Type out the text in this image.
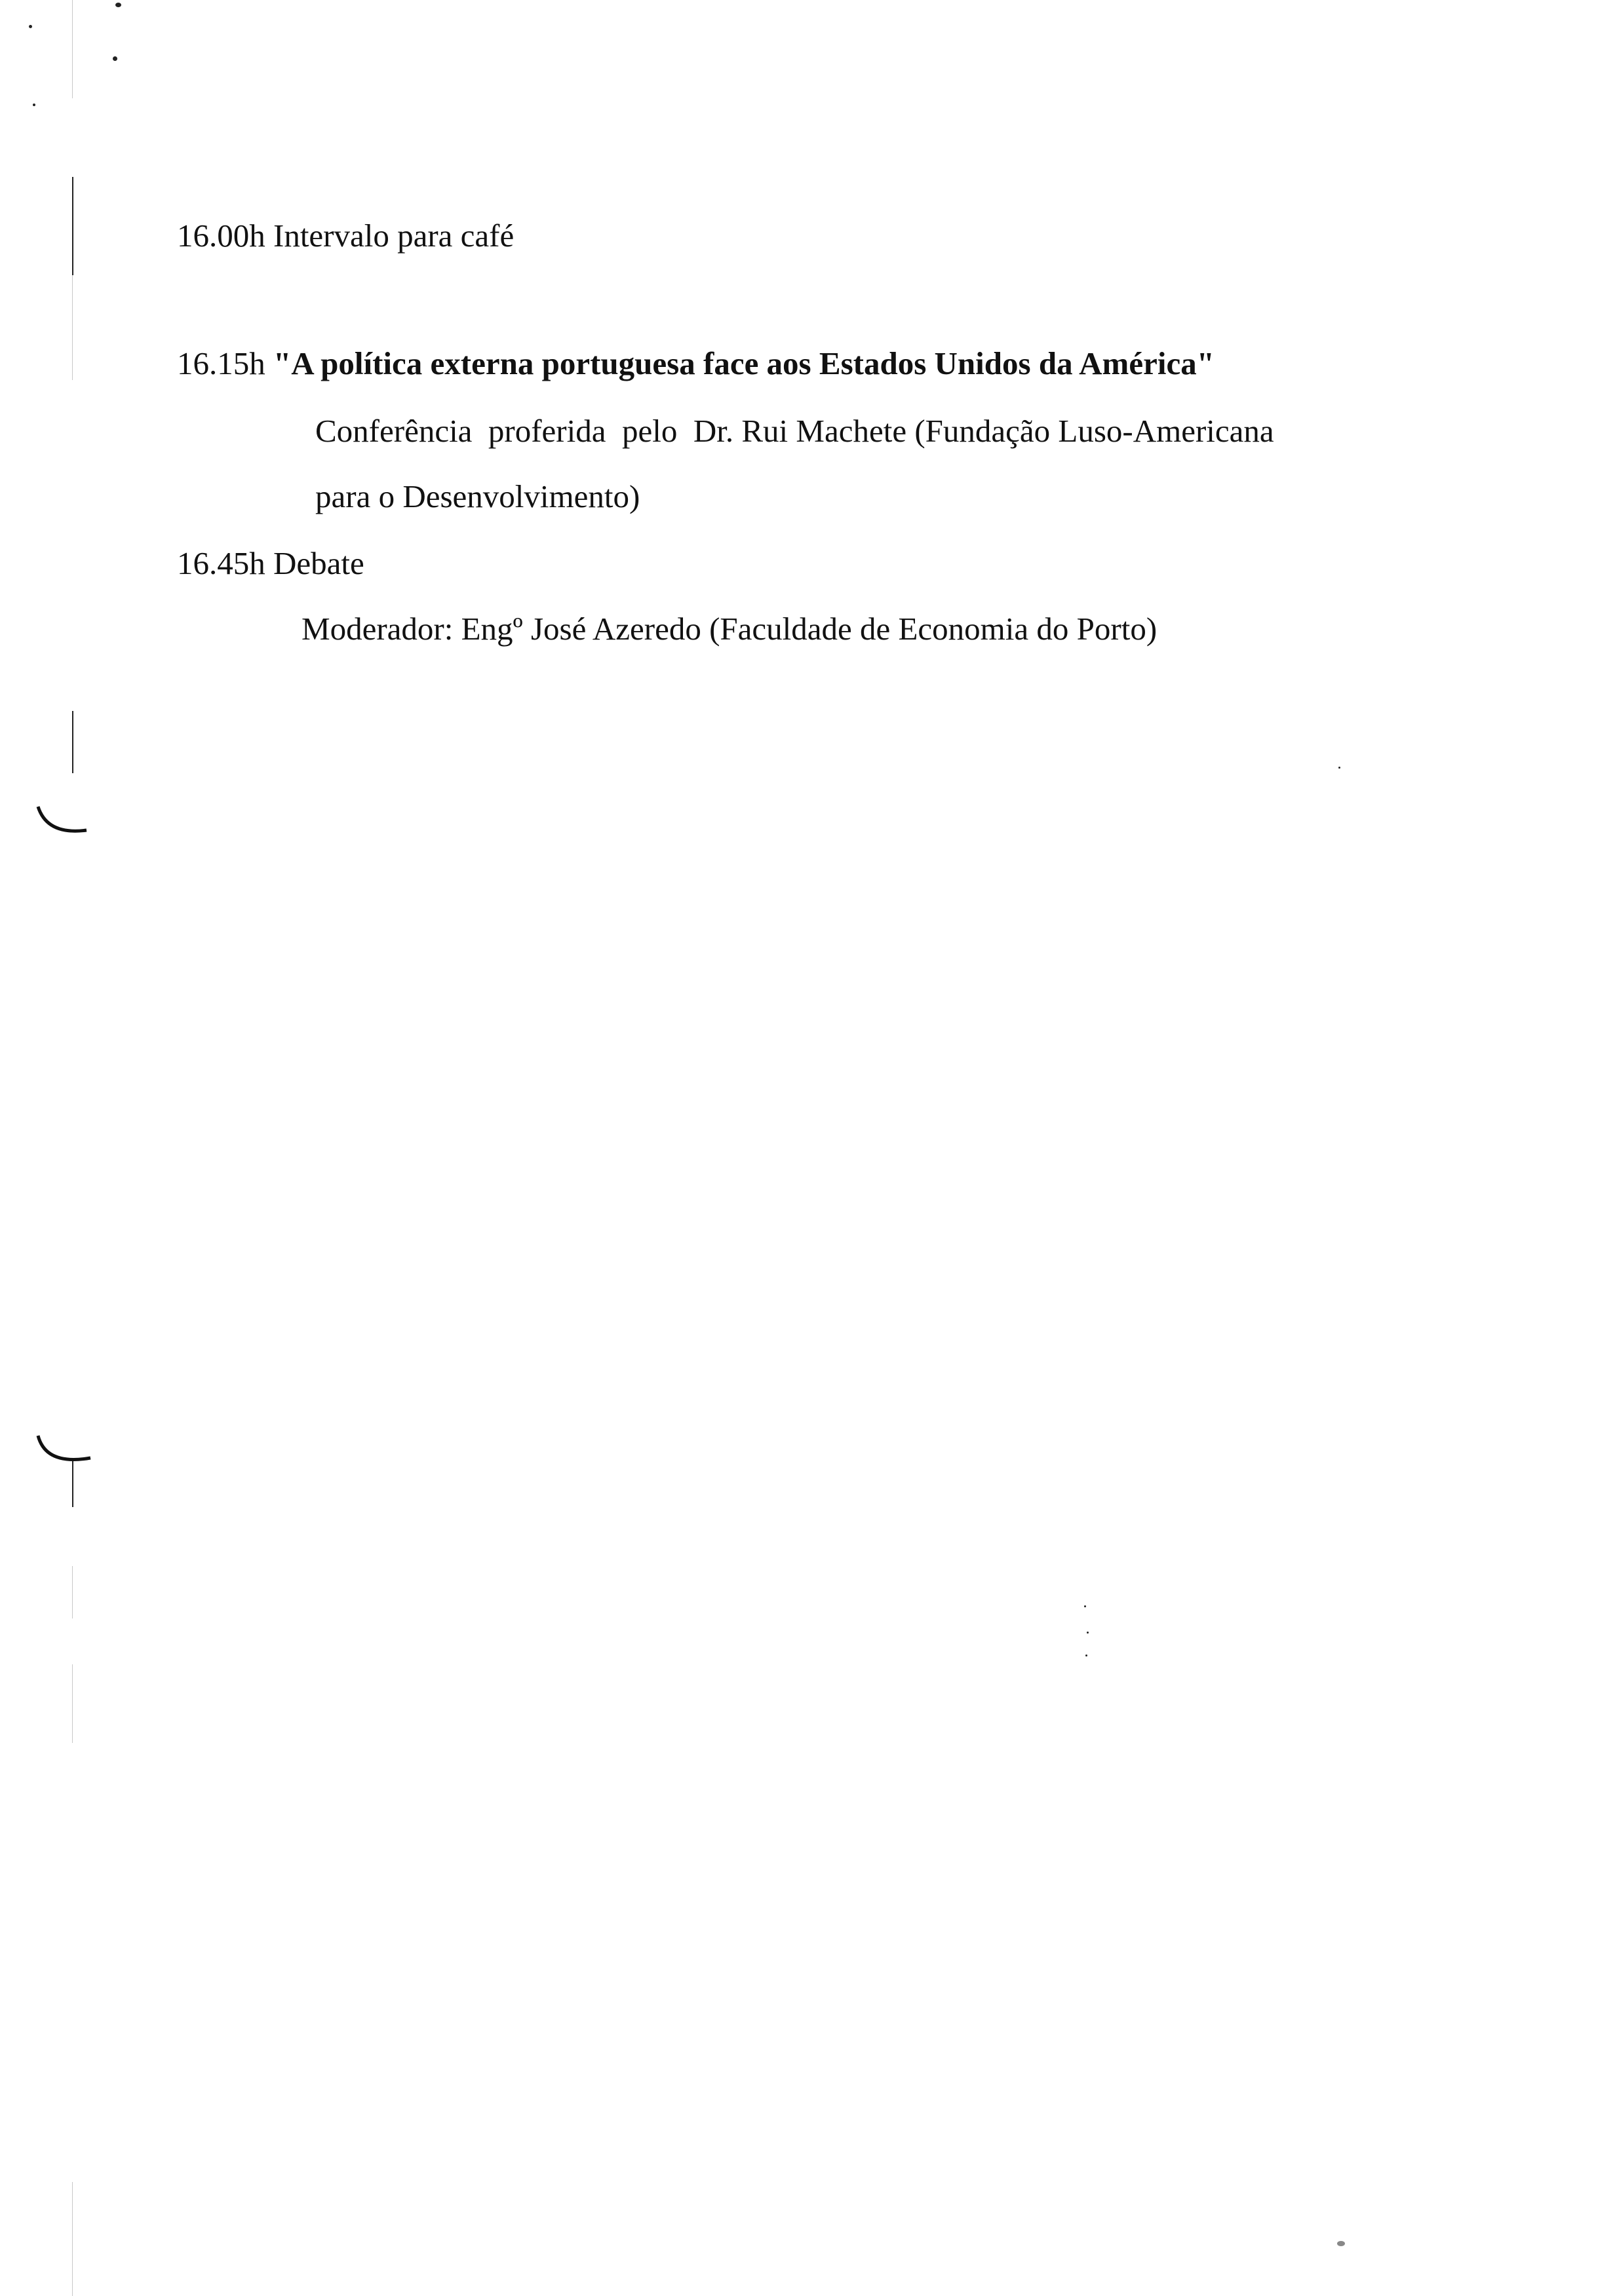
16.00h Intervalo para café
16.15h "A política externa portuguesa face aos Estados Unidos da América"
Conferência  proferida  pelo  Dr. Rui Machete (Fundação Luso-Americana
para o Desenvolvimento)
16.45h Debate
Moderador: Engº José Azeredo (Faculdade de Economia do Porto)
